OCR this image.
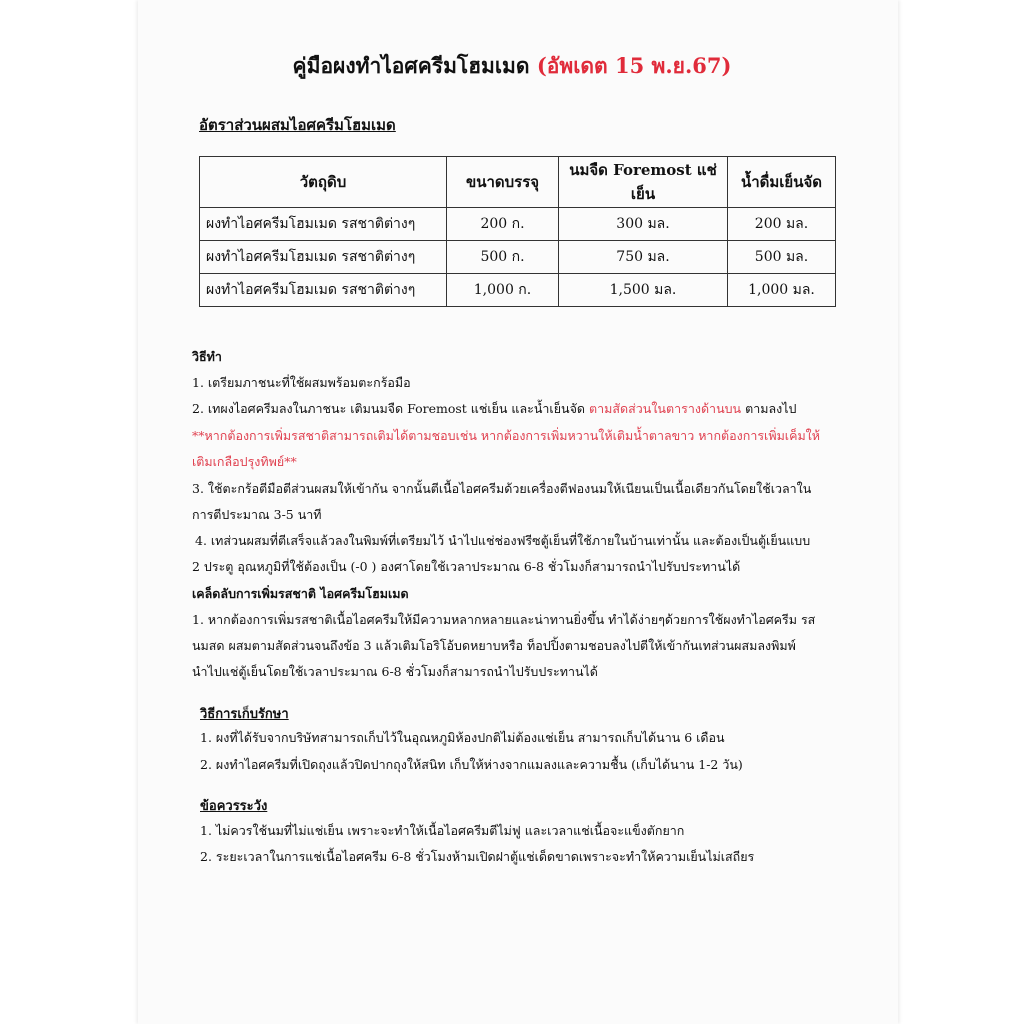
คู่มือผงทำไอศครีมโฮมเมด (อัพเดต 15 พ.ย.67)
อัตราส่วนผสมไอศครีมโฮมเมด
วัตถุดิบ	ขนาดบรรจุ	นมจืด Foremost แช่เย็น	น้ำดื่มเย็นจัด
ผงทำไอศครีมโฮมเมด รสชาติต่างๆ	200 ก.	300 มล.	200 มล.
ผงทำไอศครีมโฮมเมด รสชาติต่างๆ	500 ก.	750 มล.	500 มล.
ผงทำไอศครีมโฮมเมด รสชาติต่างๆ	1,000 ก.	1,500 มล.	1,000 มล.
วิธีทำ
1. เตรียมภาชนะที่ใช้ผสมพร้อมตะกร้อมือ
2. เทผงไอศครีมลงในภาชนะ เติมนมจืด Foremost แช่เย็น และน้ำเย็นจัด ตามสัดส่วนในตารางด้านบน ตามลงไป
**หากต้องการเพิ่มรสชาติสามารถเติมได้ตามชอบเช่น หากต้องการเพิ่มหวานให้เติมน้ำตาลขาว หากต้องการเพิ่มเค็มให้
เติมเกลือปรุงทิพย์**
3. ใช้ตะกร้อตีมือตีส่วนผสมให้เข้ากัน จากนั้นตีเนื้อไอศครีมด้วยเครื่องตีฟองนมให้เนียนเป็นเนื้อเดียวกันโดยใช้เวลาใน
การตีประมาณ 3-5 นาที
4. เทส่วนผสมที่ตีเสร็จแล้วลงในพิมพ์ที่เตรียมไว้ นำไปแช่ช่องฟรีซตู้เย็นที่ใช้ภายในบ้านเท่านั้น และต้องเป็นตู้เย็นแบบ
2 ประตู อุณหภูมิที่ใช้ต้องเป็น (-0 ) องศาโดยใช้เวลาประมาณ 6-8 ชั่วโมงก็สามารถนำไปรับประทานได้
เคล็ดลับการเพิ่มรสชาติ ไอศครีมโฮมเมด
1. หากต้องการเพิ่มรสชาติเนื้อไอศครีมให้มีความหลากหลายและน่าทานยิ่งขึ้น ทำได้ง่ายๆด้วยการใช้ผงทำไอศครีม รส
นมสด ผสมตามสัดส่วนจนถึงข้อ 3 แล้วเติมโอริโอ้บดหยาบหรือ ท็อปปิ้งตามชอบลงไปตีให้เข้ากันเทส่วนผสมลงพิมพ์
นำไปแช่ตู้เย็นโดยใช้เวลาประมาณ 6-8 ชั่วโมงก็สามารถนำไปรับประทานได้
วิธีการเก็บรักษา
1. ผงที่ได้รับจากบริษัทสามารถเก็บไว้ในอุณหภูมิห้องปกติไม่ต้องแช่เย็น สามารถเก็บได้นาน 6 เดือน
2. ผงทำไอศครีมที่เปิดถุงแล้วปิดปากถุงให้สนิท เก็บให้ห่างจากแมลงและความชื้น (เก็บได้นาน 1-2 วัน)
ข้อควรระวัง
1. ไม่ควรใช้นมที่ไม่แช่เย็น เพราะจะทำให้เนื้อไอศครีมตีไม่ฟู และเวลาแช่เนื้อจะแข็งตักยาก
2. ระยะเวลาในการแช่เนื้อไอศครีม 6-8 ชั่วโมงห้ามเปิดฝาตู้แช่เด็ดขาดเพราะจะทำให้ความเย็นไม่เสถียร
